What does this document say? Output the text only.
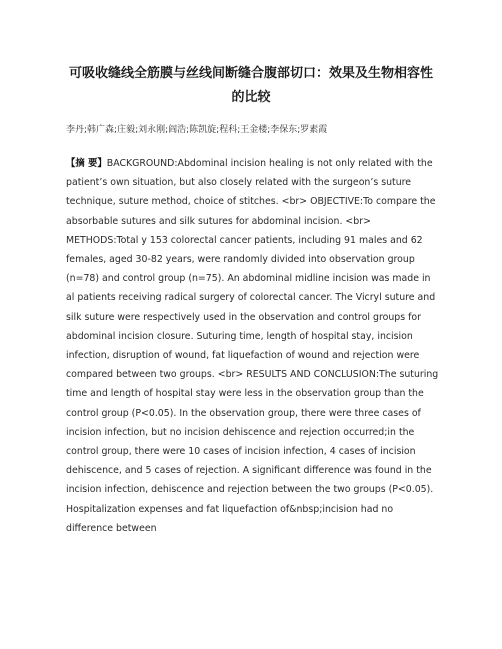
可吸收缝线全筋膜与丝线间断缝合腹部切口：效果及生物相容性的比较
李丹;韩广森;庄毅;刘永刚;阎浩;陈凯旋;程科;王金楼;李保东;罗素霞
【摘 要】BACKGROUND:Abdominal incision healing is not only related with the patient’s own situation, but also closely related with the surgeon’s suture technique, suture method, choice of stitches. <br> OBJECTIVE:To compare the absorbable sutures and silk sutures for abdominal incision. <br> METHODS:Total y 153 colorectal cancer patients, including 91 males and 62 females, aged 30-82 years, were randomly divided into observation group (n=78) and control group (n=75). An abdominal midline incision was made in al patients receiving radical surgery of colorectal cancer. The Vicryl suture and silk suture were respectively used in the observation and control groups for abdominal incision closure. Suturing time, length of hospital stay, incision infection, disruption of wound, fat liquefaction of wound and rejection were compared between two groups. <br> RESULTS AND CONCLUSION:The suturing time and length of hospital stay were less in the observation group than the control group (P<0.05). In the observation group, there were three cases of incision infection, but no incision dehiscence and rejection occurred;in the control group, there were 10 cases of incision infection, 4 cases of incision dehiscence, and 5 cases of rejection. A significant difference was found in the incision infection, dehiscence and rejection between the two groups (P<0.05). Hospitalization expenses and fat liquefaction of&nbsp;incision had no difference between
